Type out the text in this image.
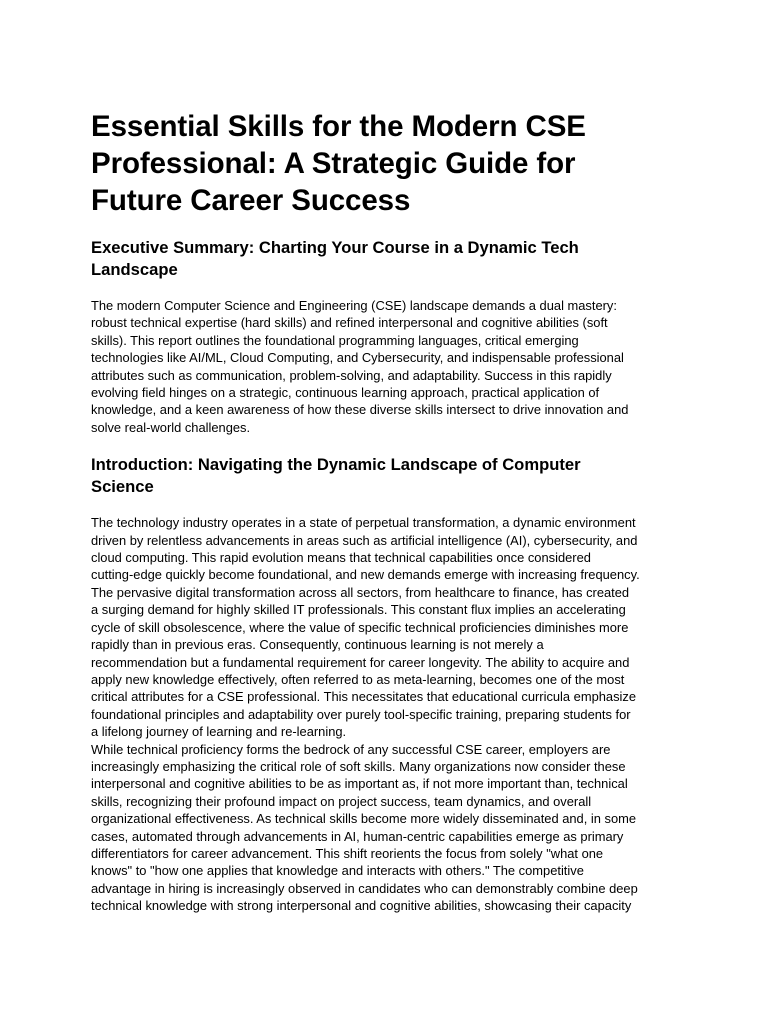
Essential Skills for the Modern CSE
Professional: A Strategic Guide for
Future Career Success
Executive Summary: Charting Your Course in a Dynamic Tech
Landscape

The modern Computer Science and Engineering (CSE) landscape demands a dual mastery:
robust technical expertise (hard skills) and refined interpersonal and cognitive abilities (soft
skills). This report outlines the foundational programming languages, critical emerging
technologies like AI/ML, Cloud Computing, and Cybersecurity, and indispensable professional
attributes such as communication, problem-solving, and adaptability. Success in this rapidly
evolving field hinges on a strategic, continuous learning approach, practical application of
knowledge, and a keen awareness of how these diverse skills intersect to drive innovation and
solve real-world challenges.

Introduction: Navigating the Dynamic Landscape of Computer
Science

The technology industry operates in a state of perpetual transformation, a dynamic environment
driven by relentless advancements in areas such as artificial intelligence (AI), cybersecurity, and
cloud computing. This rapid evolution means that technical capabilities once considered
cutting-edge quickly become foundational, and new demands emerge with increasing frequency.
The pervasive digital transformation across all sectors, from healthcare to finance, has created
a surging demand for highly skilled IT professionals. This constant flux implies an accelerating
cycle of skill obsolescence, where the value of specific technical proficiencies diminishes more
rapidly than in previous eras. Consequently, continuous learning is not merely a
recommendation but a fundamental requirement for career longevity. The ability to acquire and
apply new knowledge effectively, often referred to as meta-learning, becomes one of the most
critical attributes for a CSE professional. This necessitates that educational curricula emphasize
foundational principles and adaptability over purely tool-specific training, preparing students for
a lifelong journey of learning and re-learning.

While technical proficiency forms the bedrock of any successful CSE career, employers are
increasingly emphasizing the critical role of soft skills. Many organizations now consider these
interpersonal and cognitive abilities to be as important as, if not more important than, technical
skills, recognizing their profound impact on project success, team dynamics, and overall
organizational effectiveness. As technical skills become more widely disseminated and, in some
cases, automated through advancements in AI, human-centric capabilities emerge as primary
differentiators for career advancement. This shift reorients the focus from solely "what one
knows" to "how one applies that knowledge and interacts with others." The competitive
advantage in hiring is increasingly observed in candidates who can demonstrably combine deep
technical knowledge with strong interpersonal and cognitive abilities, showcasing their capacity
